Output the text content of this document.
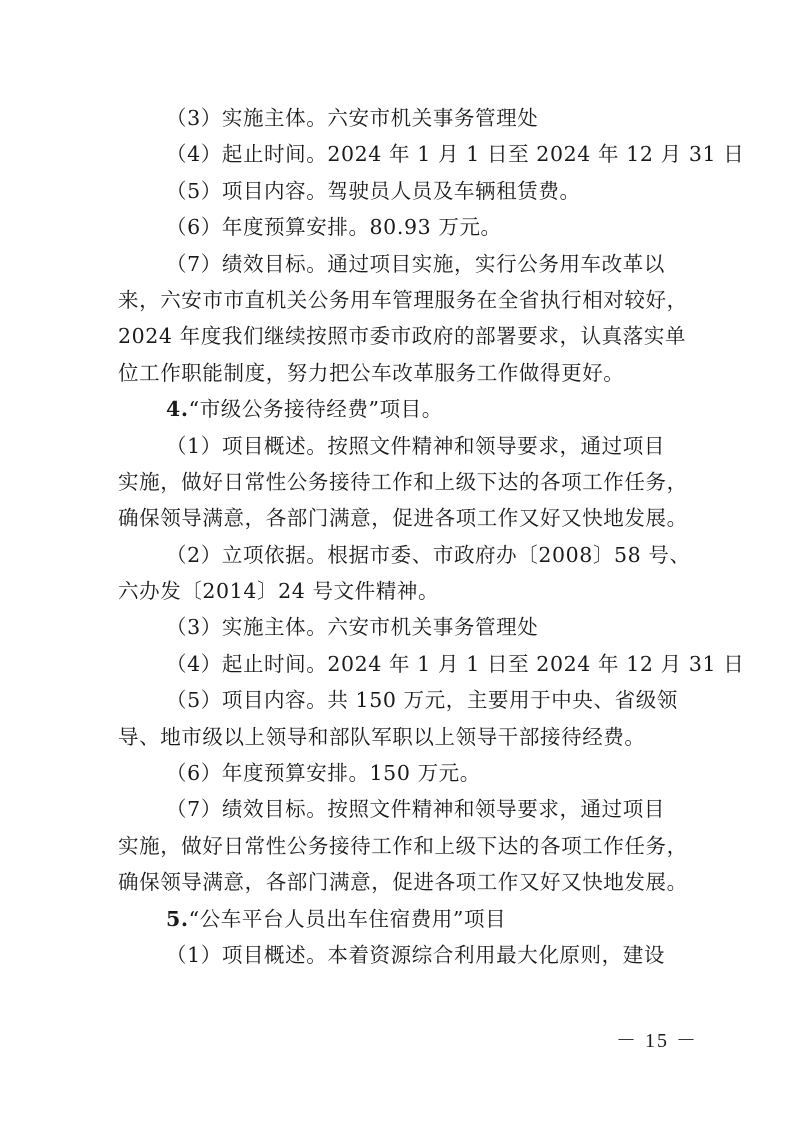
（3）实施主体。六安市机关事务管理处

（4）起止时间。2024 年 1 月 1 日至 2024 年 12 月 31 日

（5）项目内容。驾驶员人员及车辆租赁费。

（6）年度预算安排。80.93 万元。

（7）绩效目标。通过项目实施，实行公务用车改革以
来，六安市市直机关公务用车管理服务在全省执行相对较好，
2024 年度我们继续按照市委市政府的部署要求，认真落实单
位工作职能制度，努力把公车改革服务工作做得更好。

4.“市级公务接待经费”项目。

（1）项目概述。按照文件精神和领导要求，通过项目
实施，做好日常性公务接待工作和上级下达的各项工作任务，
确保领导满意，各部门满意，促进各项工作又好又快地发展。

（2）立项依据。根据市委、市政府办〔2008〕58 号、
六办发〔2014〕24 号文件精神。

（3）实施主体。六安市机关事务管理处

（4）起止时间。2024 年 1 月 1 日至 2024 年 12 月 31 日

（5）项目内容。共 150 万元，主要用于中央、省级领
导、地市级以上领导和部队军职以上领导干部接待经费。

（6）年度预算安排。150 万元。

（7）绩效目标。按照文件精神和领导要求，通过项目
实施，做好日常性公务接待工作和上级下达的各项工作任务，
确保领导满意，各部门满意，促进各项工作又好又快地发展。

5.“公车平台人员出车住宿费用”项目

（1）项目概述。本着资源综合利用最大化原则，建设

－ 15 －
